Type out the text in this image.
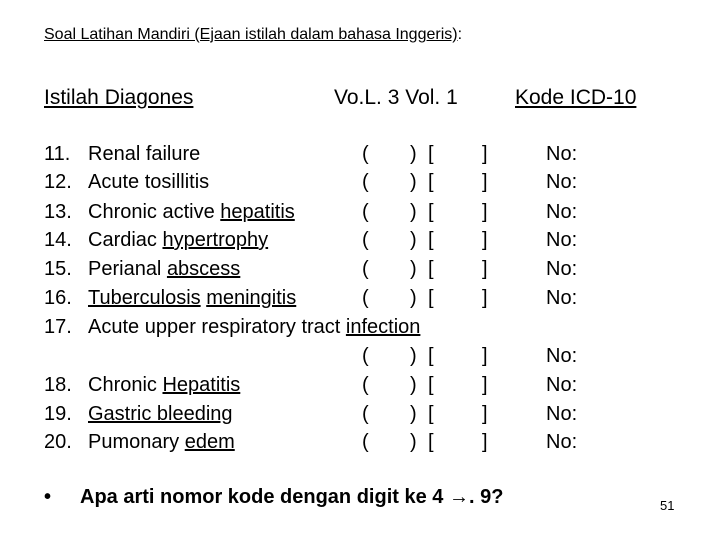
Soal Latihan Mandiri (Ejaan istilah dalam bahasa Inggeris):
Istilah Diagones	Vo.L. 3 Vol. 1	Kode ICD-10
11. Renal failure	( ) [ ]	No:
12. Acute tosillitis	( ) [ ]	No:
13. Chronic active hepatitis	( ) [ ]	No:
14. Cardiac hypertrophy	( ) [ ]	No:
15. Perianal abscess	( ) [ ]	No:
16. Tuberculosis meningitis	( ) [ ]	No:
17. Acute upper respiratory tract infection
( ) [ ]	No:
18. Chronic Hepatitis	( ) [ ]	No:
19. Gastric bleeding	( ) [ ]	No:
20. Pumonary edem	( ) [ ]	No:
• Apa arti nomor kode dengan digit ke 4 →. 9?	51
